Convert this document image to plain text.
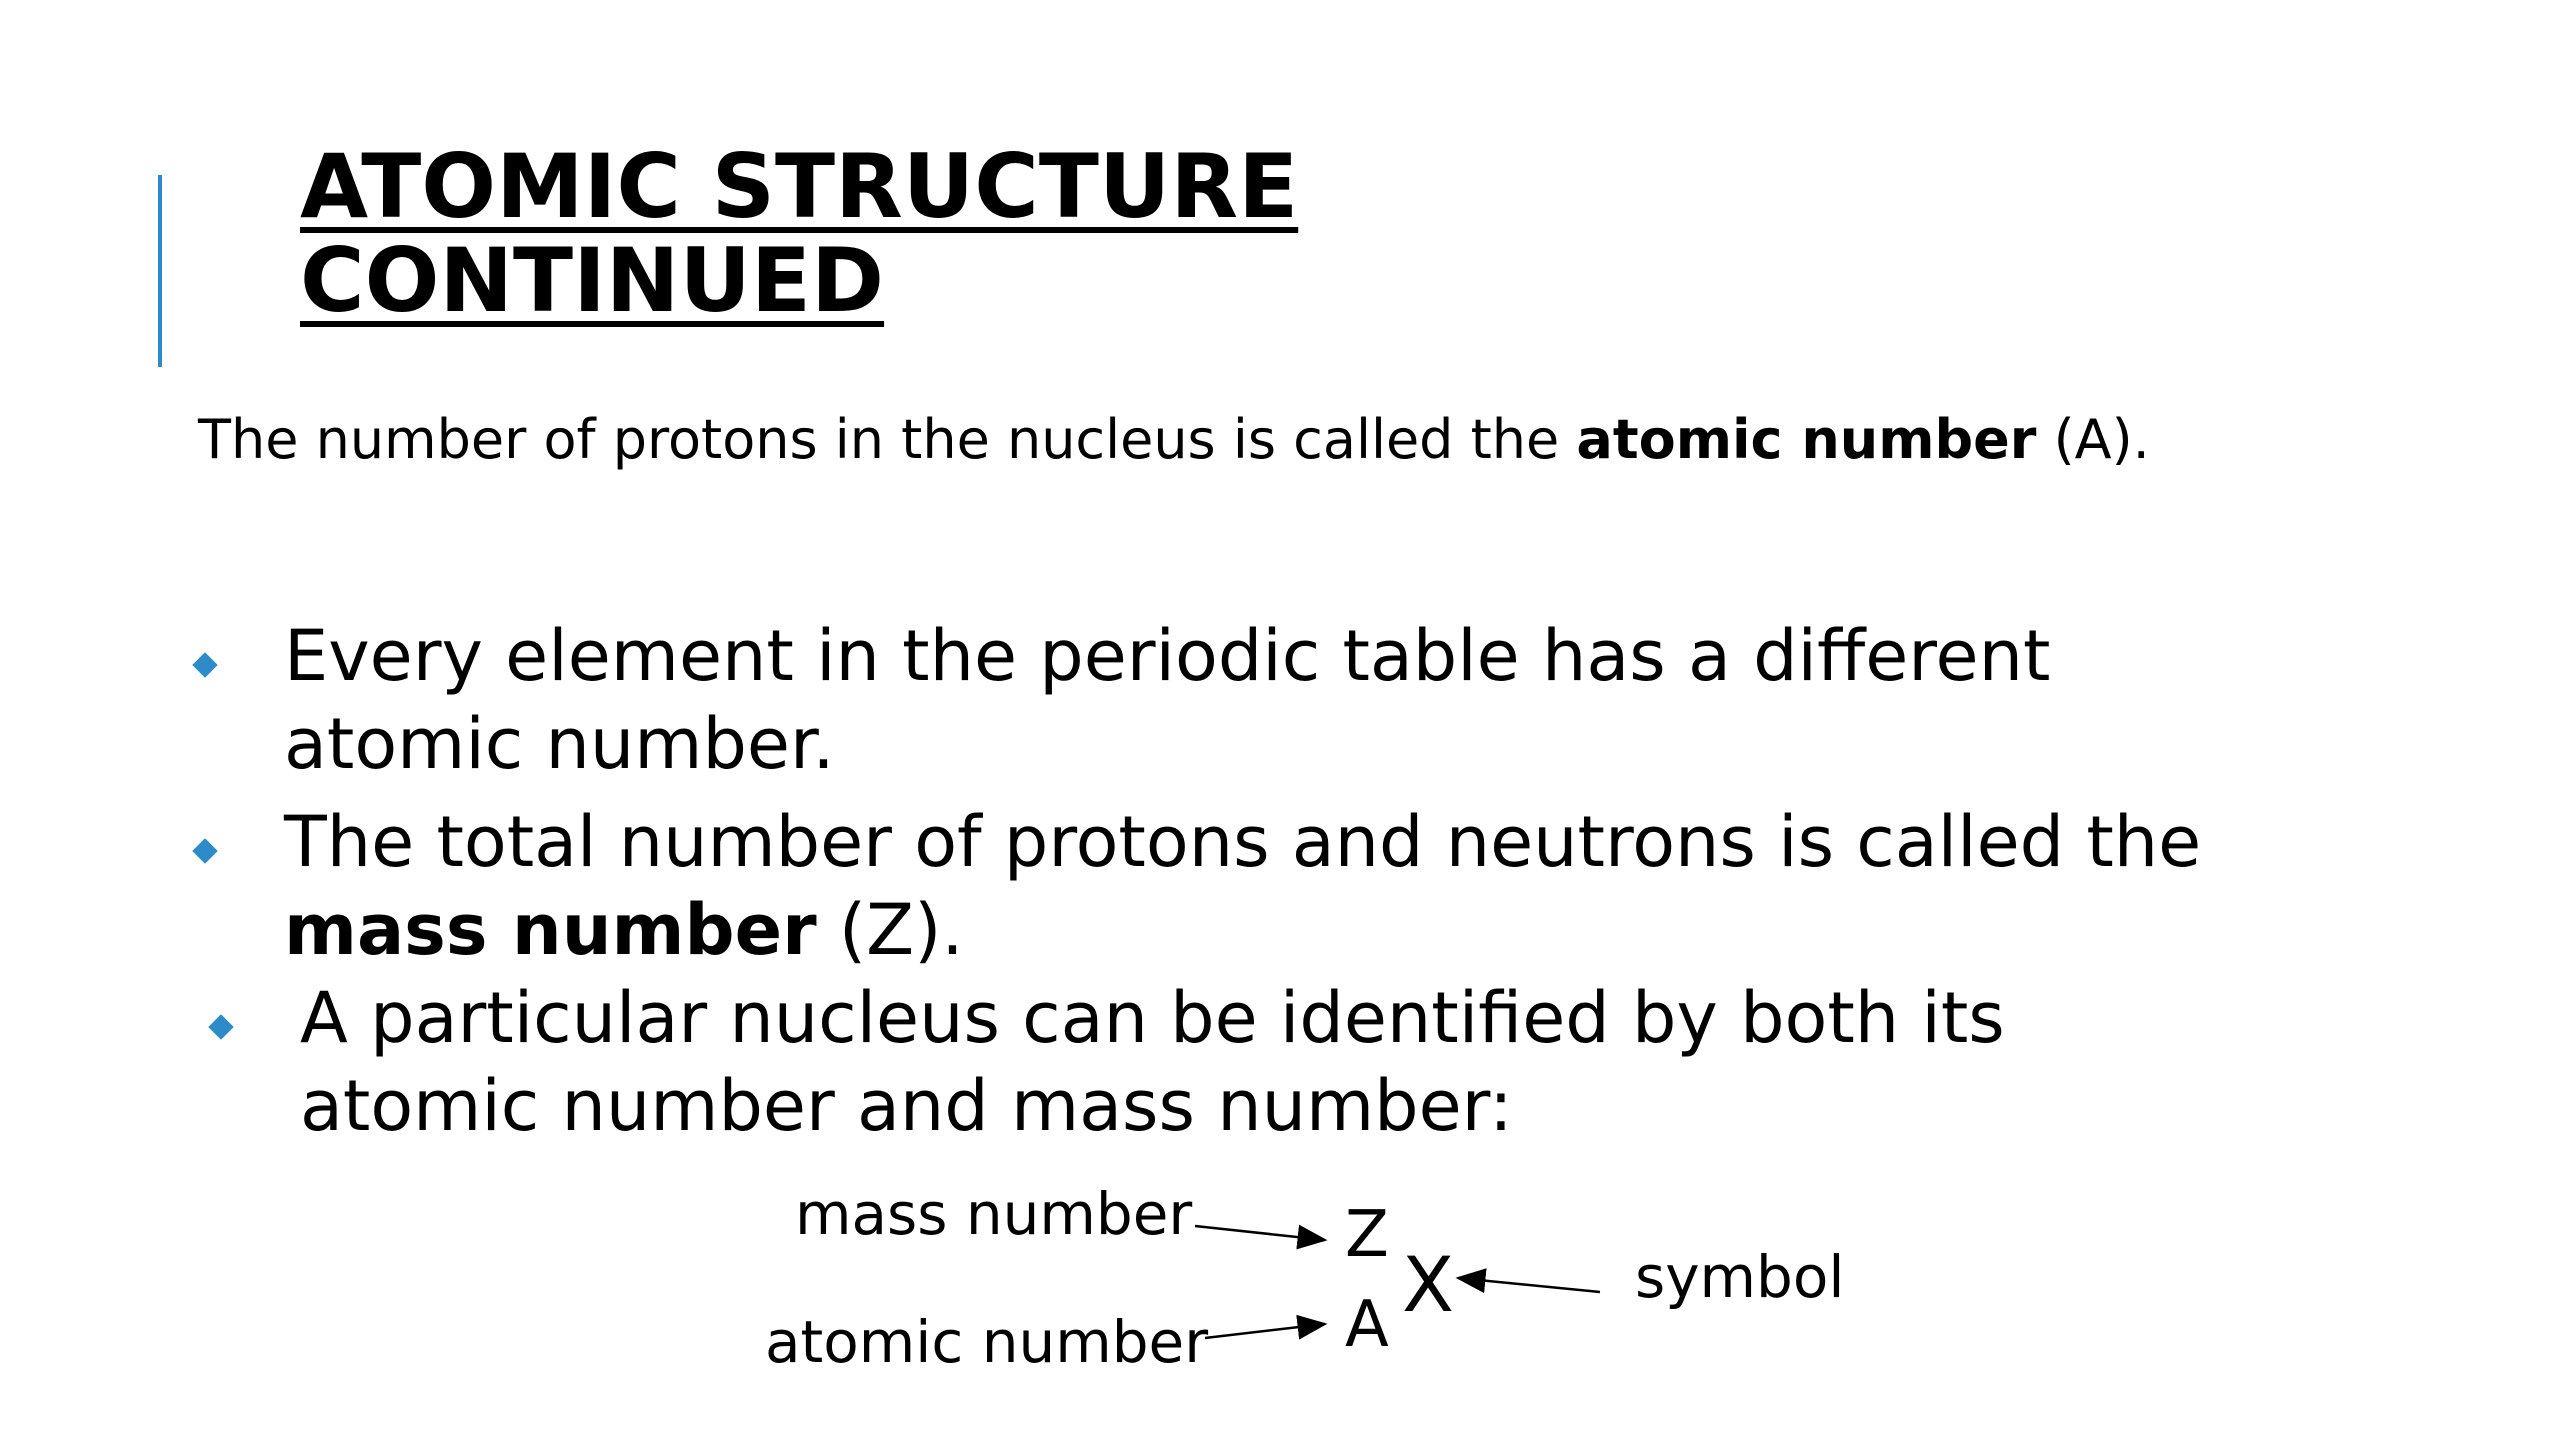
ATOMIC STRUCTURE
CONTINUED

The number of protons in the nucleus is called the atomic number (A).

Every element in the periodic table has a different
atomic number.
The total number of protons and neutrons is called the
mass number (Z).
A particular nucleus can be identified by both its
atomic number and mass number:
mass number
atomic number
symbol
Z
A X
